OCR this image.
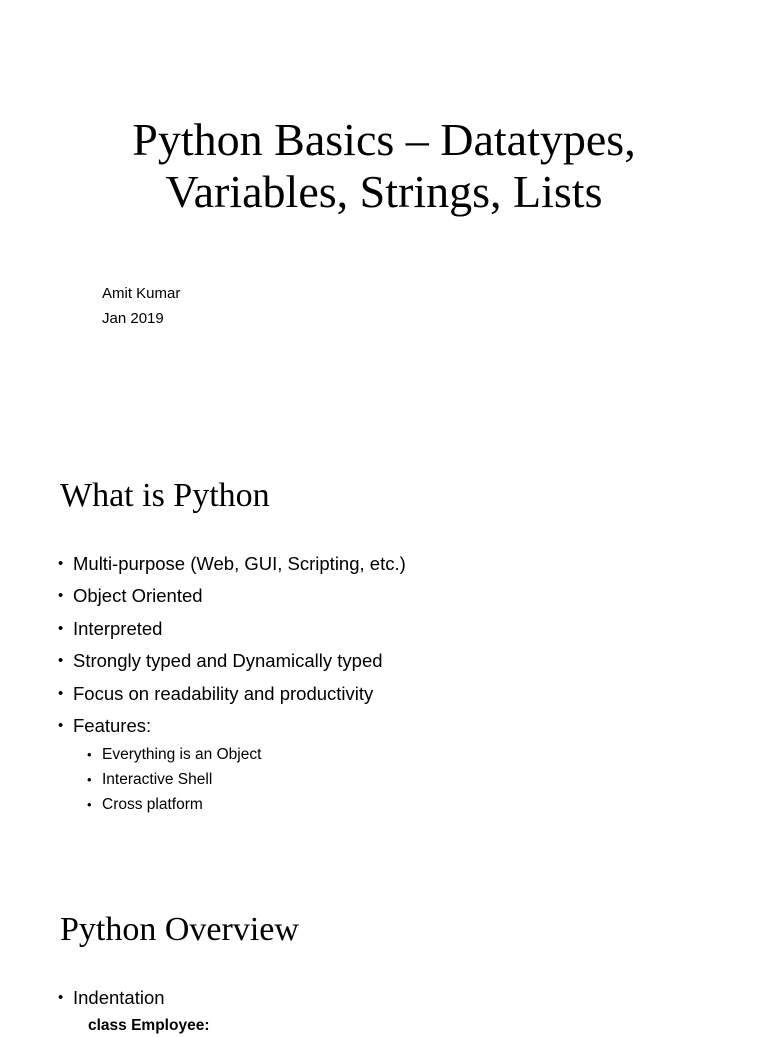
Python Basics – Datatypes,
Variables, Strings, Lists
Amit Kumar
Jan 2019
What is Python
• Multi-purpose (Web, GUI, Scripting, etc.)
• Object Oriented
• Interpreted
• Strongly typed and Dynamically typed
• Focus on readability and productivity
• Features:
• Everything is an Object
• Interactive Shell
• Cross platform
Python Overview
• Indentation
class Employee:
